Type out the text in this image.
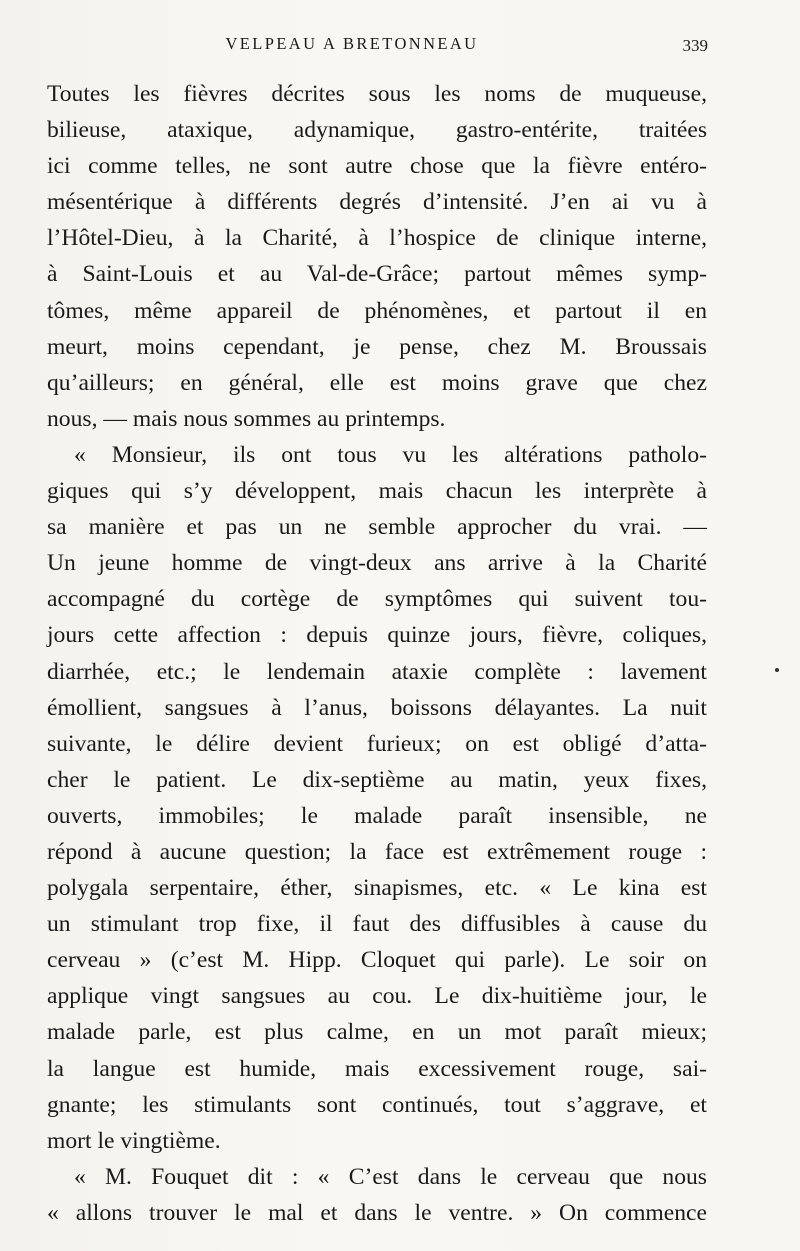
VELPEAU A BRETONNEAU	339
Toutes les fièvres décrites sous les noms de muqueuse,
bilieuse, ataxique, adynamique, gastro-entérite, traitées
ici comme telles, ne sont autre chose que la fièvre entéro-
mésentérique à différents degrés d’intensité. J’en ai vu à
l’Hôtel-Dieu, à la Charité, à l’hospice de clinique interne,
à Saint-Louis et au Val-de-Grâce; partout mêmes symp-
tômes, même appareil de phénomènes, et partout il en
meurt, moins cependant, je pense, chez M. Broussais
qu’ailleurs; en général, elle est moins grave que chez
nous, — mais nous sommes au printemps.
« Monsieur, ils ont tous vu les altérations patholo-
giques qui s’y développent, mais chacun les interprète à
sa manière et pas un ne semble approcher du vrai. —
Un jeune homme de vingt-deux ans arrive à la Charité
accompagné du cortège de symptômes qui suivent tou-
jours cette affection : depuis quinze jours, fièvre, coliques,
diarrhée, etc.; le lendemain ataxie complète : lavement
émollient, sangsues à l’anus, boissons délayantes. La nuit
suivante, le délire devient furieux; on est obligé d’atta-
cher le patient. Le dix-septième au matin, yeux fixes,
ouverts, immobiles; le malade paraît insensible, ne
répond à aucune question; la face est extrêmement rouge :
polygala serpentaire, éther, sinapismes, etc. « Le kina est
un stimulant trop fixe, il faut des diffusibles à cause du
cerveau » (c’est M. Hipp. Cloquet qui parle). Le soir on
applique vingt sangsues au cou. Le dix-huitième jour, le
malade parle, est plus calme, en un mot paraît mieux;
la langue est humide, mais excessivement rouge, sai-
gnante; les stimulants sont continués, tout s’aggrave, et
mort le vingtième.
« M. Fouquet dit : « C’est dans le cerveau que nous
« allons trouver le mal et dans le ventre. » On commence
